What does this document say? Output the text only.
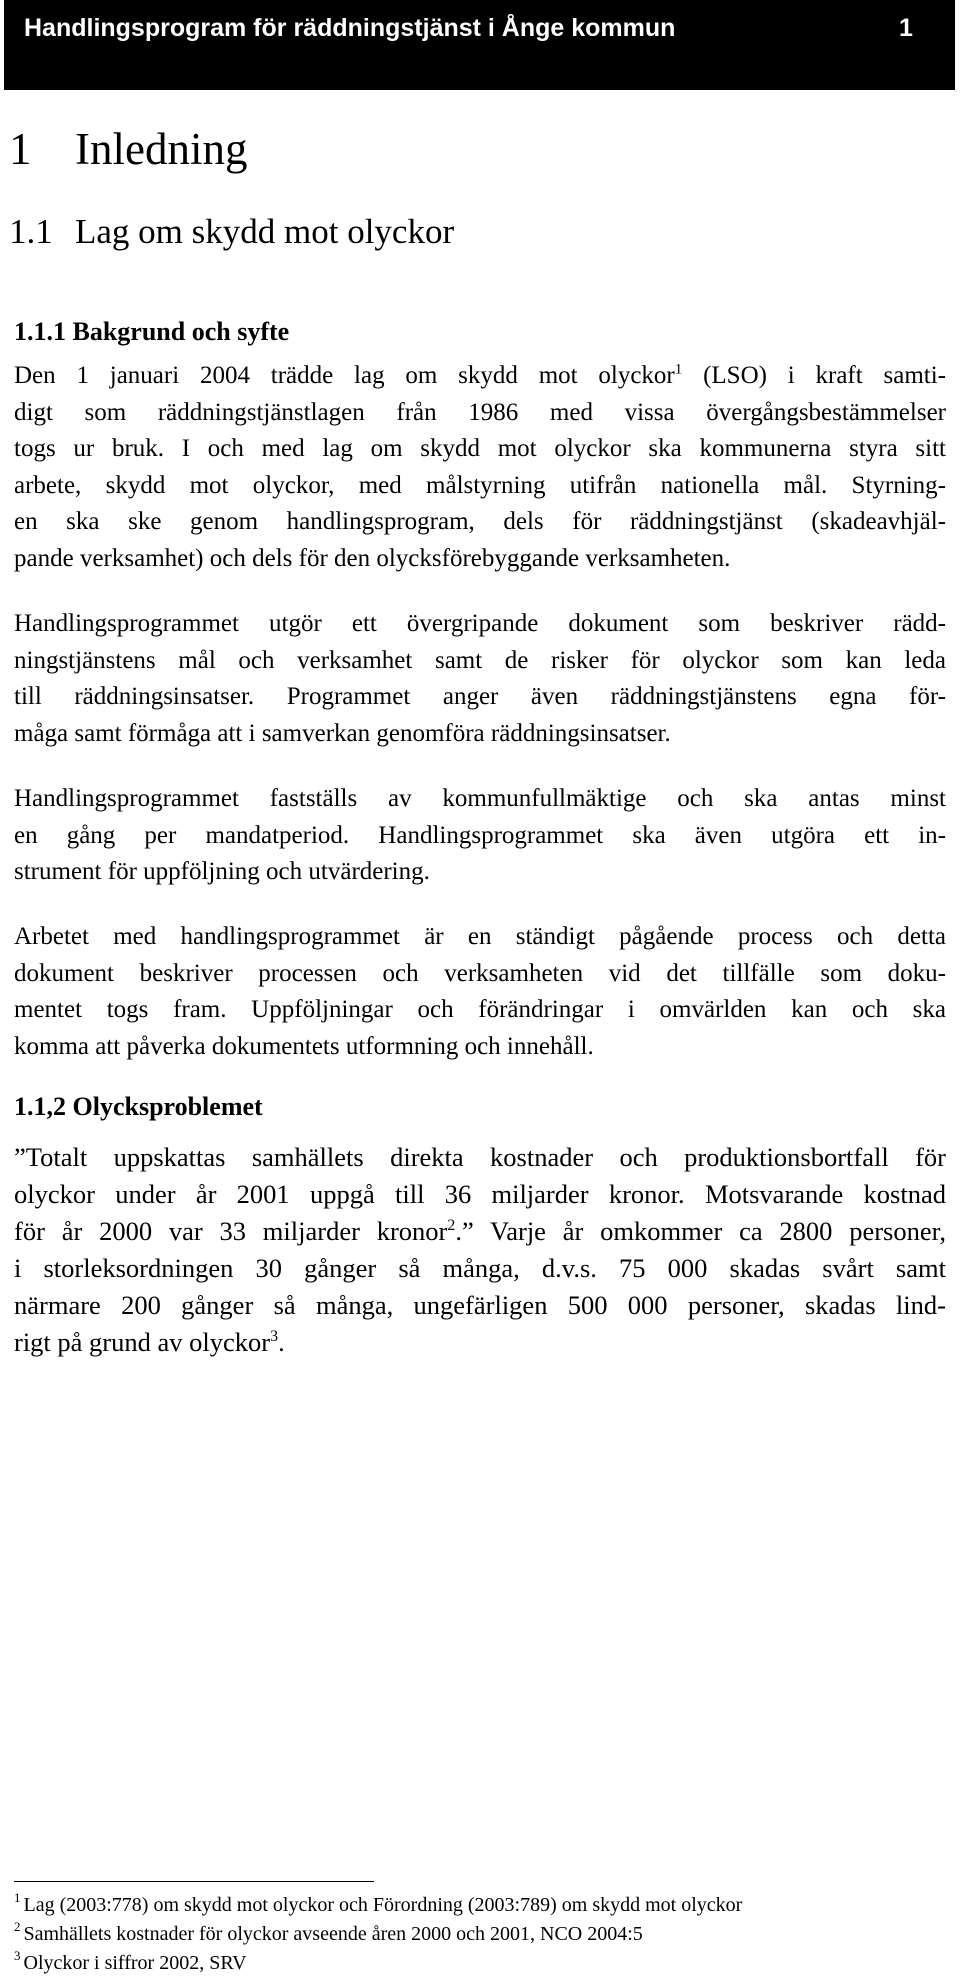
Handlingsprogram för räddningstjänst i Ånge kommun	1
1 Inledning
1.1 Lag om skydd mot olyckor
1.1.1 Bakgrund och syfte
Den 1 januari 2004 trädde lag om skydd mot olyckor$^1$ (LSO) i kraft samti-
digt som räddningstjänstlagen från 1986 med vissa övergångsbestämmelser
togs ur bruk. I och med lag om skydd mot olyckor ska kommunerna styra sitt
arbete, skydd mot olyckor, med målstyrning utifrån nationella mål. Styrning-
en ska ske genom handlingsprogram, dels för räddningstjänst (skadeavhjäl-
pande verksamhet) och dels för den olycksförebyggande verksamheten.
Handlingsprogrammet utgör ett övergripande dokument som beskriver rädd-
ningstjänstens mål och verksamhet samt de risker för olyckor som kan leda
till räddningsinsatser. Programmet anger även räddningstjänstens egna för-
måga samt förmåga att i samverkan genomföra räddningsinsatser.
Handlingsprogrammet fastställs av kommunfullmäktige och ska antas minst
en gång per mandatperiod. Handlingsprogrammet ska även utgöra ett in-
strument för uppföljning och utvärdering.
Arbetet med handlingsprogrammet är en ständigt pågående process och detta
dokument beskriver processen och verksamheten vid det tillfälle som doku-
mentet togs fram. Uppföljningar och förändringar i omvärlden kan och ska
komma att påverka dokumentets utformning och innehåll.
1.1,2 Olycksproblemet
”Totalt uppskattas samhällets direkta kostnader och produktionsbortfall för
olyckor under år 2001 uppgå till 36 miljarder kronor. Motsvarande kostnad
för år 2000 var 33 miljarder kronor$^2$.” Varje år omkommer ca 2800 personer,
i storleksordningen 30 gånger så många, d.v.s. 75 000 skadas svårt samt
närmare 200 gånger så många, ungefärligen 500 000 personer, skadas lind-
rigt på grund av olyckor$^3$.
$^1$ Lag (2003:778) om skydd mot olyckor och Förordning (2003:789) om skydd mot olyckor
$^2$ Samhällets kostnader för olyckor avseende åren 2000 och 2001, NCO 2004:5
$^3$ Olyckor i siffror 2002, SRV
